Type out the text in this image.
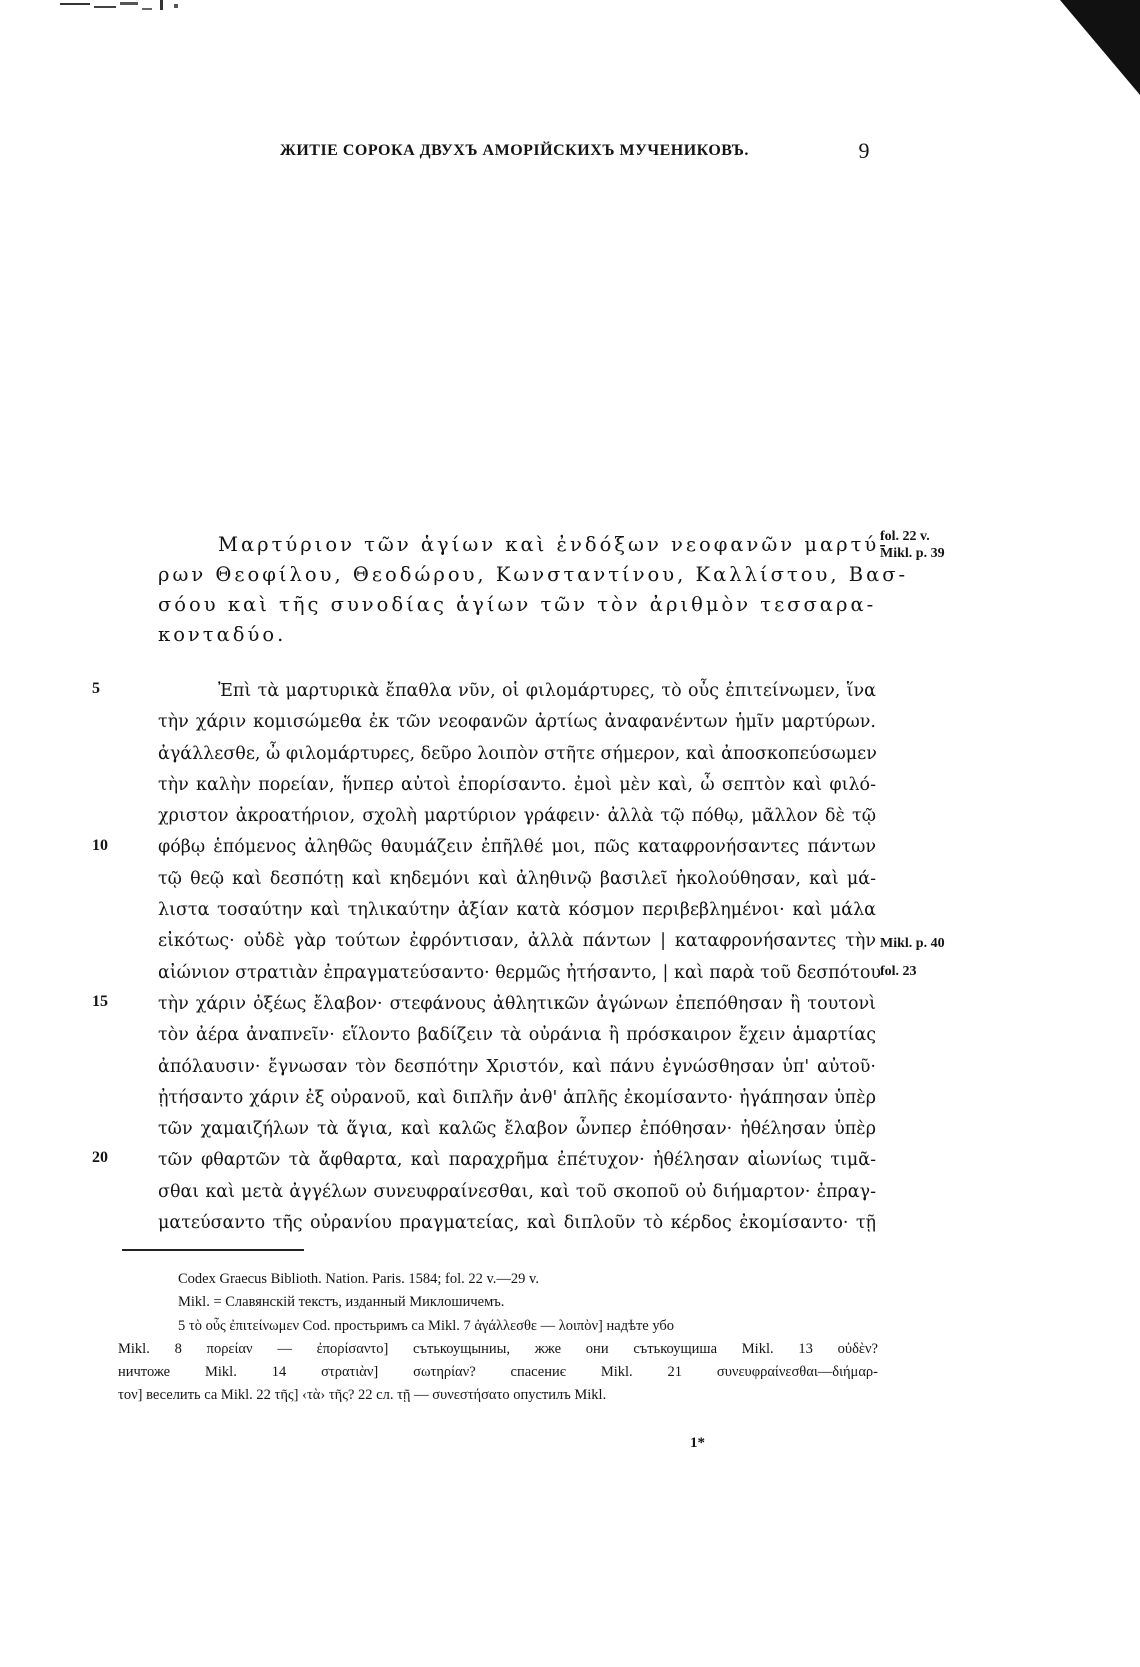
ЖИТІЕ СОРОКА ДВУХЪ АМОРІЙСКИХЪ МУЧЕНИКОВЪ.	9
Μαρτύριον τῶν ἁγίων καὶ ἐνδόξων νεοφανῶν μαρτύ-
ρων Θεοφίλου, Θεοδώρου, Κωνσταντίνου, Καλλίστου, Βασ-
σόου καὶ τῆς συνοδίας ἁγίων τῶν τὸν ἀριθμὸν τεσσαρα-
κονταδύο.
fol. 22 v.
Mikl. p. 39
Ἐπὶ τὰ μαρτυρικὰ ἔπαθλα νῦν, οἱ φιλομάρτυρες, τὸ οὖς ἐπιτείνωμεν, ἵνα
τὴν χάριν κομισώμεθα ἐκ τῶν νεοφανῶν ἀρτίως ἀναφανέντων ἡμῖν μαρτύρων.
ἀγάλλεσθε, ὦ φιλομάρτυρες, δεῦρο λοιπὸν στῆτε σήμερον, καὶ ἀποσκοπεύσωμεν
τὴν καλὴν πορείαν, ἥνπερ αὐτοὶ ἐπορίσαντο. ἐμοὶ μὲν καὶ, ὦ σεπτὸν καὶ φιλό-
χριστον ἀκροατήριον, σχολὴ μαρτύριον γράφειν· ἀλλὰ τῷ πόθῳ, μᾶλλον δὲ τῷ
φόβῳ ἑπόμενος ἀληθῶς θαυμάζειν ἐπῆλθέ μοι, πῶς καταφρονήσαντες πάντων
τῷ θεῷ καὶ δεσπότῃ καὶ κηδεμόνι καὶ ἀληθινῷ βασιλεῖ ἠκολούθησαν, καὶ μά-
λιστα τοσαύτην καὶ τηλικαύτην ἀξίαν κατὰ κόσμον περιβεβλημένοι· καὶ μάλα
εἰκότως· οὐδὲ γὰρ τούτων ἐφρόντισαν, ἀλλὰ πάντων | καταφρονήσαντες τὴν
αἰώνιον στρατιὰν ἐπραγματεύσαντο· θερμῶς ἠτήσαντο, | καὶ παρὰ τοῦ δεσπότου
τὴν χάριν ὀξέως ἔλαβον· στεφάνους ἀθλητικῶν ἀγώνων ἐπεπόθησαν ἢ τουτονὶ
τὸν ἀέρα ἀναπνεῖν· εἵλοντο βαδίζειν τὰ οὐράνια ἢ πρόσκαιρον ἔχειν ἁμαρτίας
ἀπόλαυσιν· ἔγνωσαν τὸν δεσπότην Χριστόν, καὶ πάνυ ἐγνώσθησαν ὑπ' αὐτοῦ·
ᾐτήσαντο χάριν ἐξ οὐρανοῦ, καὶ διπλῆν ἀνθ' ἁπλῆς ἐκομίσαντο· ἠγάπησαν ὑπὲρ
τῶν χαμαιζήλων τὰ ἅγια, καὶ καλῶς ἔλαβον ὧνπερ ἐπόθησαν· ἠθέλησαν ὑπὲρ
τῶν φθαρτῶν τὰ ἄφθαρτα, καὶ παραχρῆμα ἐπέτυχον· ἠθέλησαν αἰωνίως τιμᾶ-
σθαι καὶ μετὰ ἀγγέλων συνευφραίνεσθαι, καὶ τοῦ σκοποῦ οὐ διήμαρτον· ἐπραγ-
ματεύσαντο τῆς οὐρανίου πραγματείας, καὶ διπλοῦν τὸ κέρδος ἐκομίσαντο· τῇ
5
10
15
20
Mikl. p. 40
fol. 23
Codex Graecus Biblioth. Nation. Paris. 1584; fol. 22 v.—29 v.
Mikl. = Славянскій текстъ, изданный Миклошичемъ.
5 τὸ οὖς ἐπιτείνωμεν Cod. простьримъ са Mikl. 7 ἀγάλλεσθε — λοιπὸν] надѣте убо
Mikl. 8 πορείαν — ἐπορίσαντο] сътькоущыниы, жже они сътькоущиша Mikl. 13 οὐδὲν?
ничтоже Mikl. 14 στρατιὰν] σωτηρίαν? спасениє Mikl. 21 συνευφραίνεσθαι—διήμαρ-
τον] веселить са Mikl. 22 τῆς] ‹τὰ› τῆς? 22 сл. τῇ — συνεστήσατο опустилъ Mikl.
1*
